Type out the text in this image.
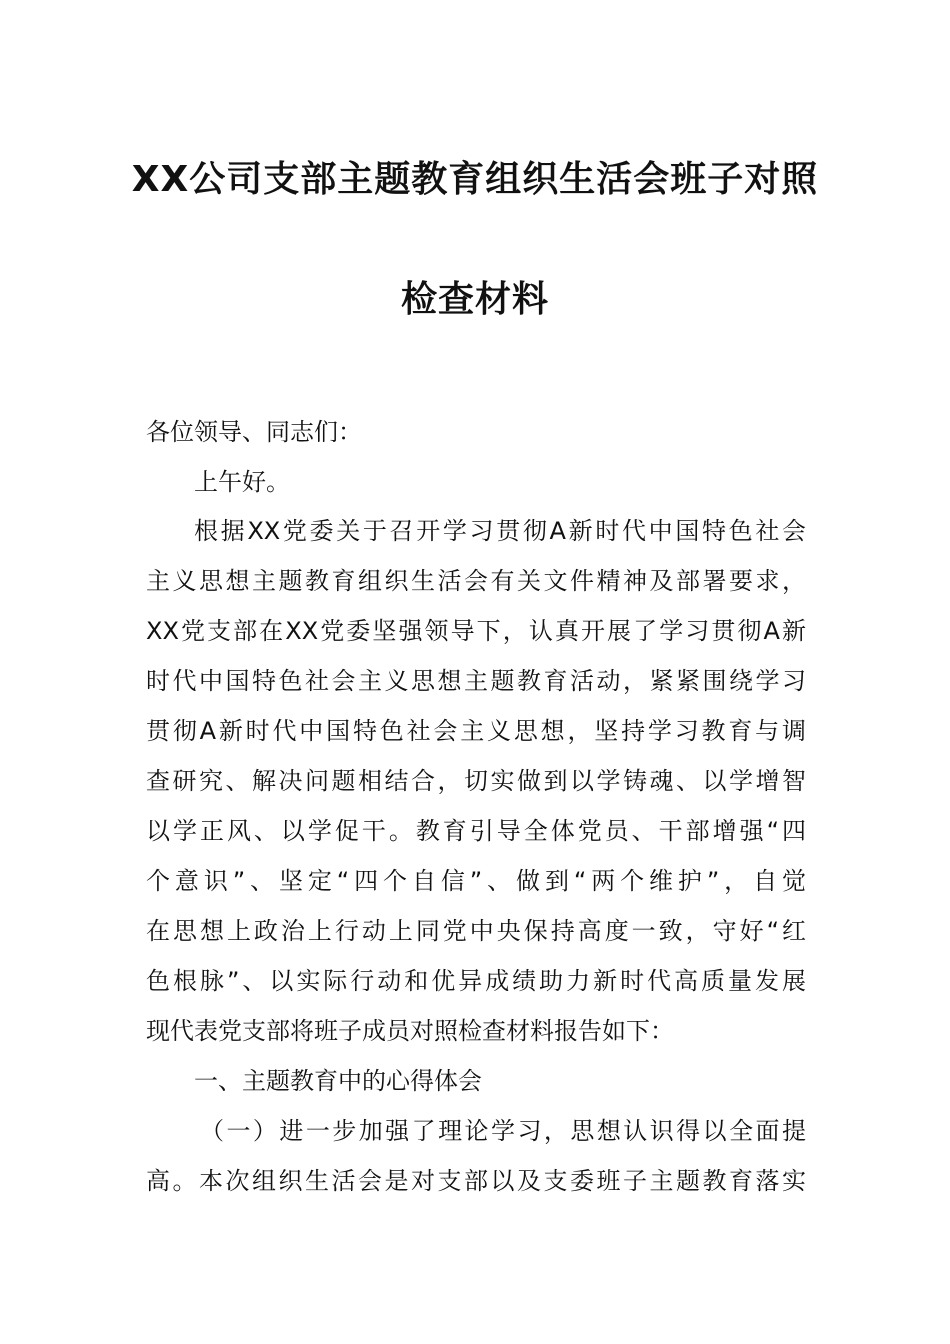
XX公司支部主题教育组织生活会班子对照
检查材料
各位领导、同志们：
上午好。
根据XX党委关于召开学习贯彻A新时代中国特色社会
主义思想主题教育组织生活会有关文件精神及部署要求，
XX党支部在XX党委坚强领导下，认真开展了学习贯彻A新
时代中国特色社会主义思想主题教育活动，紧紧围绕学习
贯彻A新时代中国特色社会主义思想，坚持学习教育与调
查研究、解决问题相结合，切实做到以学铸魂、以学增智
以学正风、以学促干。教育引导全体党员、干部增强“四
个意识”、坚定“四个自信”、做到“两个维护”，自觉
在思想上政治上行动上同党中央保持高度一致，守好“红
色根脉”、以实际行动和优异成绩助力新时代高质量发展
现代表党支部将班子成员对照检查材料报告如下：
一、主题教育中的心得体会
（一）进一步加强了理论学习，思想认识得以全面提
高。本次组织生活会是对支部以及支委班子主题教育落实
